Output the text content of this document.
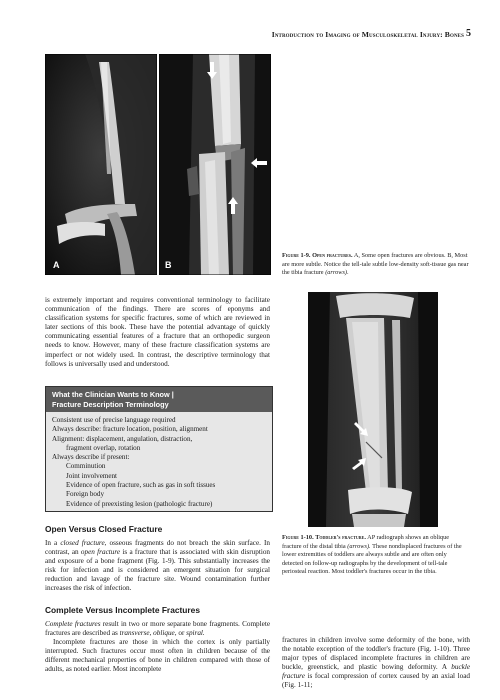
Introduction to Imaging of Musculoskeletal Injury: Bones 5
A	B
Figure 1-9. Open fractures. A, Some open fractures are obvious. B, Most are more subtle. Notice the tell-tale subtle low-density soft-tissue gas near the tibia fracture (arrows).

is extremely important and requires conventional terminology to facilitate communication of the findings. There are scores of eponyms and classification systems for specific fractures, some of which are reviewed in later sections of this book. These have the potential advantage of quickly communicating essential features of a fracture that an orthopedic surgeon needs to know. However, many of these fracture classification systems are imperfect or not widely used. In contrast, the descriptive terminology that follows is universally used and understood.

What the Clinician Wants to Know |
Fracture Description Terminology
Consistent use of precise language required
Always describe: fracture location, position, alignment
Alignment: displacement, angulation, distraction,
fragment overlap, rotation
Always describe if present:
Comminution
Joint involvement
Evidence of open fracture, such as gas in soft tissues
Foreign body
Evidence of preexisting lesion (pathologic fracture)
Open Versus Closed Fracture

In a closed fracture, osseous fragments do not breach the skin surface. In contrast, an open fracture is a fracture that is associated with skin disruption and exposure of a bone fragment (Fig. 1-9). This substantially increases the risk for infection and is considered an emergent situation for surgical reduction and lavage of the fracture site. Wound contamination further increases the risk of infection.

Complete Versus Incomplete Fractures

Complete fractures result in two or more separate bone fragments. Complete fractures are described as transverse, oblique, or spiral.

Incomplete fractures are those in which the cortex is only partially interrupted. Such fractures occur most often in children because of the different mechanical properties of bone in children compared with those of adults, as noted earlier. Most incomplete

Figure 1-10. Toddler's fracture. AP radiograph shows an oblique fracture of the distal tibia (arrows). These nondisplaced fractures of the lower extremities of toddlers are always subtle and are often only detected on follow-up radiographs by the development of tell-tale periosteal reaction. Most toddler's fractures occur in the tibia.

fractures in children involve some deformity of the bone, with the notable exception of the toddler's fracture (Fig. 1-10). Three major types of displaced incomplete fractures in children are buckle, greenstick, and plastic bowing deformity. A buckle fracture is focal compression of cortex caused by an axial load (Fig. 1-11;
